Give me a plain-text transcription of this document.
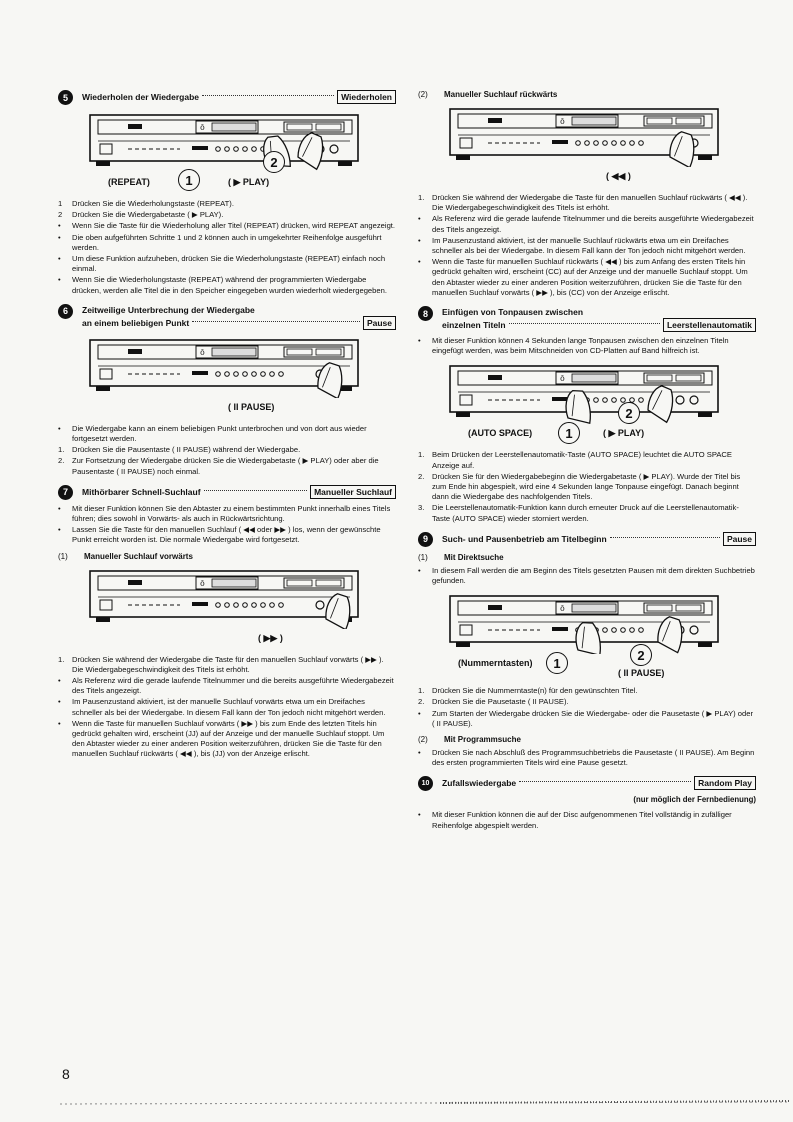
5	Wiederholen der Wiedergabe	Wiederholen
(REPEAT)	1	( ▶ PLAY)
2
1	Drücken Sie die Wiederholungstaste (REPEAT).
2	Drücken Sie die Wiedergabetaste ( ▶ PLAY).
•	Wenn Sie die Taste für die Wiederholung aller Titel (REPEAT) drücken, wird REPEAT angezeigt.
•	Die oben aufgeführten Schritte 1 und 2 können auch in umgekehrter Reihenfolge ausgeführt werden.
•	Um diese Funktion aufzuheben, drücken Sie die Wiederholungstaste (REPEAT) einfach noch einmal.
•	Wenn Sie die Wiederholungstaste (REPEAT) während der programmierten Wiedergabe drücken, werden alle Titel die in den Speicher eingegeben wurden wiederholt wiedergegeben.
6	Zeitweilige Unterbrechung der Wiedergabe
an einem beliebigen Punkt	Pause
( II PAUSE)
•	Die Wiedergabe kann an einem beliebigen Punkt unterbrochen und von dort aus wieder fortgesetzt werden.
1.	Drücken Sie die Pausentaste ( II PAUSE) während der Wiedergabe.
2.	Zur Fortsetzung der Wiedergabe drücken Sie die Wiedergabetaste ( ▶ PLAY) oder aber die Pausentaste ( II PAUSE) noch einmal.
7	Mithörbarer Schnell-Suchlauf	Manueller Suchlauf
•	Mit dieser Funktion können Sie den Abtaster zu einem bestimmten Punkt innerhalb eines Titels führen; dies sowohl in Vorwärts- als auch in Rückwärtsrichtung.
•	Lassen Sie die Taste für den manuellen Suchlauf ( ◀◀ oder ▶▶ ) los, wenn der gewünschte Punkt erreicht worden ist. Die normale Wiedergabe wird fortgesetzt.
(1) Manueller Suchlauf vorwärts
( ▶▶ )
1.	Drücken Sie während der Wiedergabe die Taste für den manuellen Suchlauf vorwärts ( ▶▶ ). Die Wiedergabegeschwindigkeit des Titels ist erhöht.
•	Als Referenz wird die gerade laufende Titelnummer und die bereits ausgeführte Wiedergabezeit des Titels angezeigt.
•	Im Pausenzustand aktiviert, ist der manuelle Suchlauf vorwärts etwa um ein Dreifaches schneller als bei der Wiedergabe. In diesem Fall kann der Ton jedoch nicht mitgehört werden.
•	Wenn die Taste für manuellen Suchlauf vorwärts ( ▶▶ ) bis zum Ende des letzten Titels hin gedrückt gehalten wird, erscheint (JJ) auf der Anzeige und der manuelle Suchlauf stoppt. Um den Abtaster wieder zu einer anderen Position weiterzuführen, drücken Sie die Taste für den manuellen Suchlauf rückwärts ( ◀◀ ), bis (JJ) von der Anzeige erlischt.
(2) Manueller Suchlauf rückwärts
( ◀◀ )
1.	Drücken Sie während der Wiedergabe die Taste für den manuellen Suchlauf rückwärts ( ◀◀ ). Die Wiedergabegeschwindigkeit des Titels ist erhöht.
•	Als Referenz wird die gerade laufende Titelnummer und die bereits ausgeführte Wiedergabezeit des Titels angezeigt.
•	Im Pausenzustand aktiviert, ist der manuelle Suchlauf rückwärts etwa um ein Dreifaches schneller als bei der Wiedergabe. In diesem Fall kann der Ton jedoch nicht mitgehört werden.
•	Wenn die Taste für manuellen Suchlauf rückwärts ( ◀◀ ) bis zum Anfang des ersten Titels hin gedrückt gehalten wird, erscheint (CC) auf der Anzeige und der manuelle Suchlauf stoppt. Um den Abtaster wieder zu einer anderen Position weiterzuführen, drücken Sie die Taste für den manuellen Suchlauf vorwärts ( ▶▶ ), bis (CC) von der Anzeige erlischt.
8	Einfügen von Tonpausen zwischen
einzelnen Titeln	Leerstellenautomatik
•	Mit dieser Funktion können 4 Sekunden lange Tonpausen zwischen den einzelnen Titeln eingefügt werden, was beim Mitschneiden von CD-Platten auf Band hilfreich ist.
(AUTO SPACE)	1	( ▶ PLAY)
2
1.	Beim Drücken der Leerstellenautomatik-Taste (AUTO SPACE) leuchtet die AUTO SPACE Anzeige auf.
2.	Drücken Sie für den Wiedergabebeginn die Wiedergabetaste ( ▶ PLAY). Wurde der Titel bis zum Ende hin abgespielt, wird eine 4 Sekunden lange Tonpause eingefügt. Danach beginnt dann die Wiedergabe des nachfolgenden Titels.
3.	Die Leerstellenautomatik-Funktion kann durch erneuter Druck auf die Leerstellenautomatik-Taste (AUTO SPACE) wieder storniert werden.
9	Such- und Pausenbetrieb am Titelbeginn	Pause
(1) Mit Direktsuche
•	In diesem Fall werden die am Beginn des Titels gesetzten Pausen mit dem direkten Suchbetrieb gefunden.
(Nummerntasten)	1
( II PAUSE)
2
1.	Drücken Sie die Nummerntaste(n) für den gewünschten Titel.
2.	Drücken Sie die Pausetaste ( II PAUSE).
•	Zum Starten der Wiedergabe drücken Sie die Wiedergabe- oder die Pausetaste ( ▶ PLAY) oder ( II PAUSE).
(2) Mit Programmsuche
•	Drücken Sie nach Abschluß des Programmsuchbetriebs die Pausetaste ( II PAUSE). Am Beginn des ersten programmierten Titels wird eine Pause gesetzt.
10	Zufallswiedergabe	Random Play
(nur möglich der Fernbedienung)
•	Mit dieser Funktion können die auf der Disc aufgenommenen Titel vollständig in zufälliger Reihenfolge abgespielt werden.
8
